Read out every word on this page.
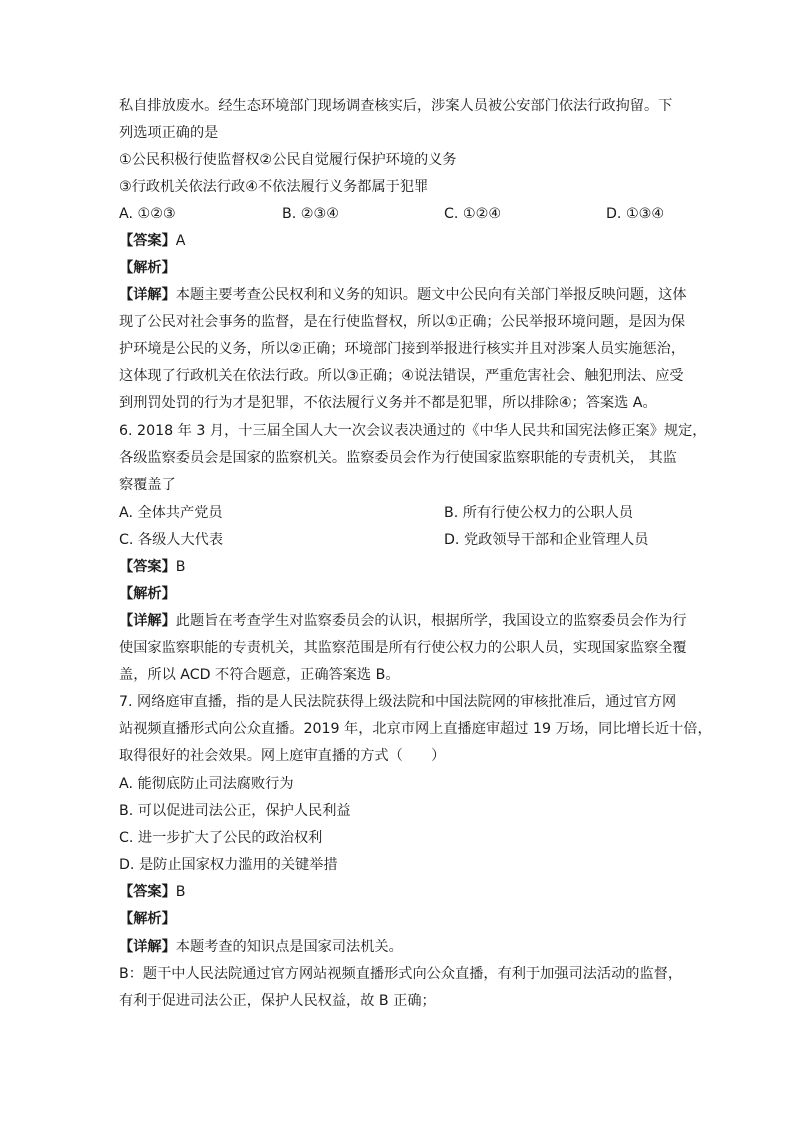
私自排放废水。经生态环境部门现场调查核实后，涉案人员被公安部门依法行政拘留。下
列选项正确的是
①公民积极行使监督权②公民自觉履行保护环境的义务
③行政机关依法行政④不依法履行义务都属于犯罪
A. ①②③	B. ②③④	C. ①②④	D. ①③④
【答案】A
【解析】
【详解】本题主要考查公民权利和义务的知识。题文中公民向有关部门举报反映问题，这体
现了公民对社会事务的监督，是在行使监督权，所以①正确；公民举报环境问题，是因为保
护环境是公民的义务，所以②正确；环境部门接到举报进行核实并且对涉案人员实施惩治，
这体现了行政机关在依法行政。所以③正确；④说法错误，严重危害社会、触犯刑法、应受
到刑罚处罚的行为才是犯罪，不依法履行义务并不都是犯罪，所以排除④；答案选 A。
6. 2018 年 3 月，十三届全国人大一次会议表决通过的《中华人民共和国宪法修正案》规定，
各级监察委员会是国家的监察机关。监察委员会作为行使国家监察职能的专责机关， 其监
察覆盖了
A. 全体共产党员	B. 所有行使公权力的公职人员
C. 各级人大代表	D. 党政领导干部和企业管理人员
【答案】B
【解析】
【详解】此题旨在考查学生对监察委员会的认识，根据所学，我国设立的监察委员会作为行
使国家监察职能的专责机关，其监察范围是所有行使公权力的公职人员，实现国家监察全覆
盖，所以 ACD 不符合题意，正确答案选 B。
7. 网络庭审直播，指的是人民法院获得上级法院和中国法院网的审核批准后，通过官方网
站视频直播形式向公众直播。2019 年，北京市网上直播庭审超过 19 万场，同比增长近十倍，
取得很好的社会效果。网上庭审直播的方式（　　）
A. 能彻底防止司法腐败行为
B. 可以促进司法公正，保护人民利益
C. 进一步扩大了公民的政治权利
D. 是防止国家权力滥用的关键举措
【答案】B
【解析】
【详解】本题考查的知识点是国家司法机关。
B：题干中人民法院通过官方网站视频直播形式向公众直播，有利于加强司法活动的监督，
有利于促进司法公正，保护人民权益，故 B 正确；
